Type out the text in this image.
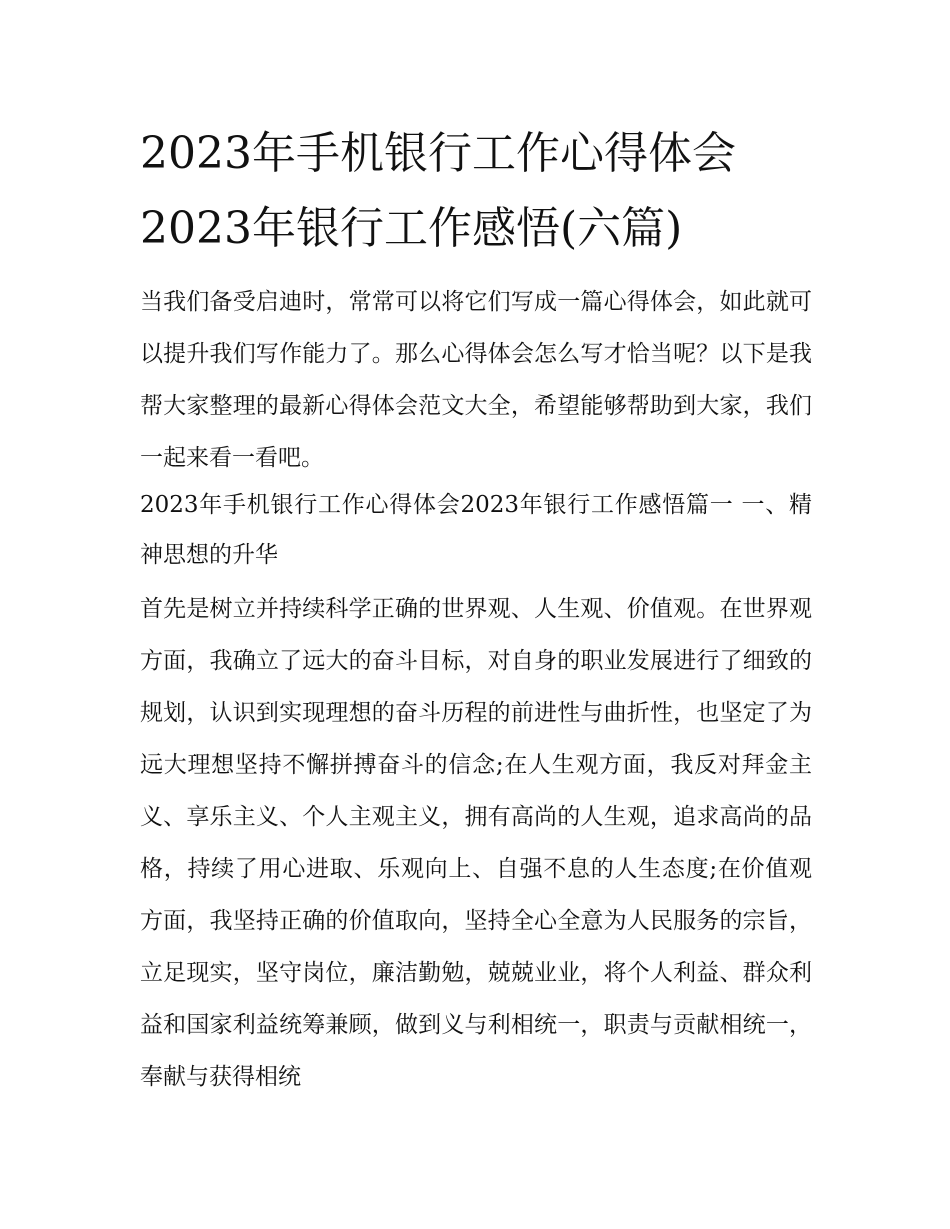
2023年手机银行工作心得体会
2023年银行工作感悟(六篇)

当我们备受启迪时，常常可以将它们写成一篇心得体会，如此就可以提升我们写作能力了。那么心得体会怎么写才恰当呢？以下是我帮大家整理的最新心得体会范文大全，希望能够帮助到大家，我们一起来看一看吧。

2023年手机银行工作心得体会2023年银行工作感悟篇一 一、精神思想的升华

首先是树立并持续科学正确的世界观、人生观、价值观。在世界观方面，我确立了远大的奋斗目标，对自身的职业发展进行了细致的规划，认识到实现理想的奋斗历程的前进性与曲折性，也坚定了为远大理想坚持不懈拼搏奋斗的信念;在人生观方面，我反对拜金主义、享乐主义、个人主观主义，拥有高尚的人生观，追求高尚的品格，持续了用心进取、乐观向上、自强不息的人生态度;在价值观方面，我坚持正确的价值取向，坚持全心全意为人民服务的宗旨，立足现实，坚守岗位，廉洁勤勉，兢兢业业，将个人利益、群众利益和国家利益统筹兼顾，做到义与利相统一，职责与贡献相统一，奉献与获得相统
